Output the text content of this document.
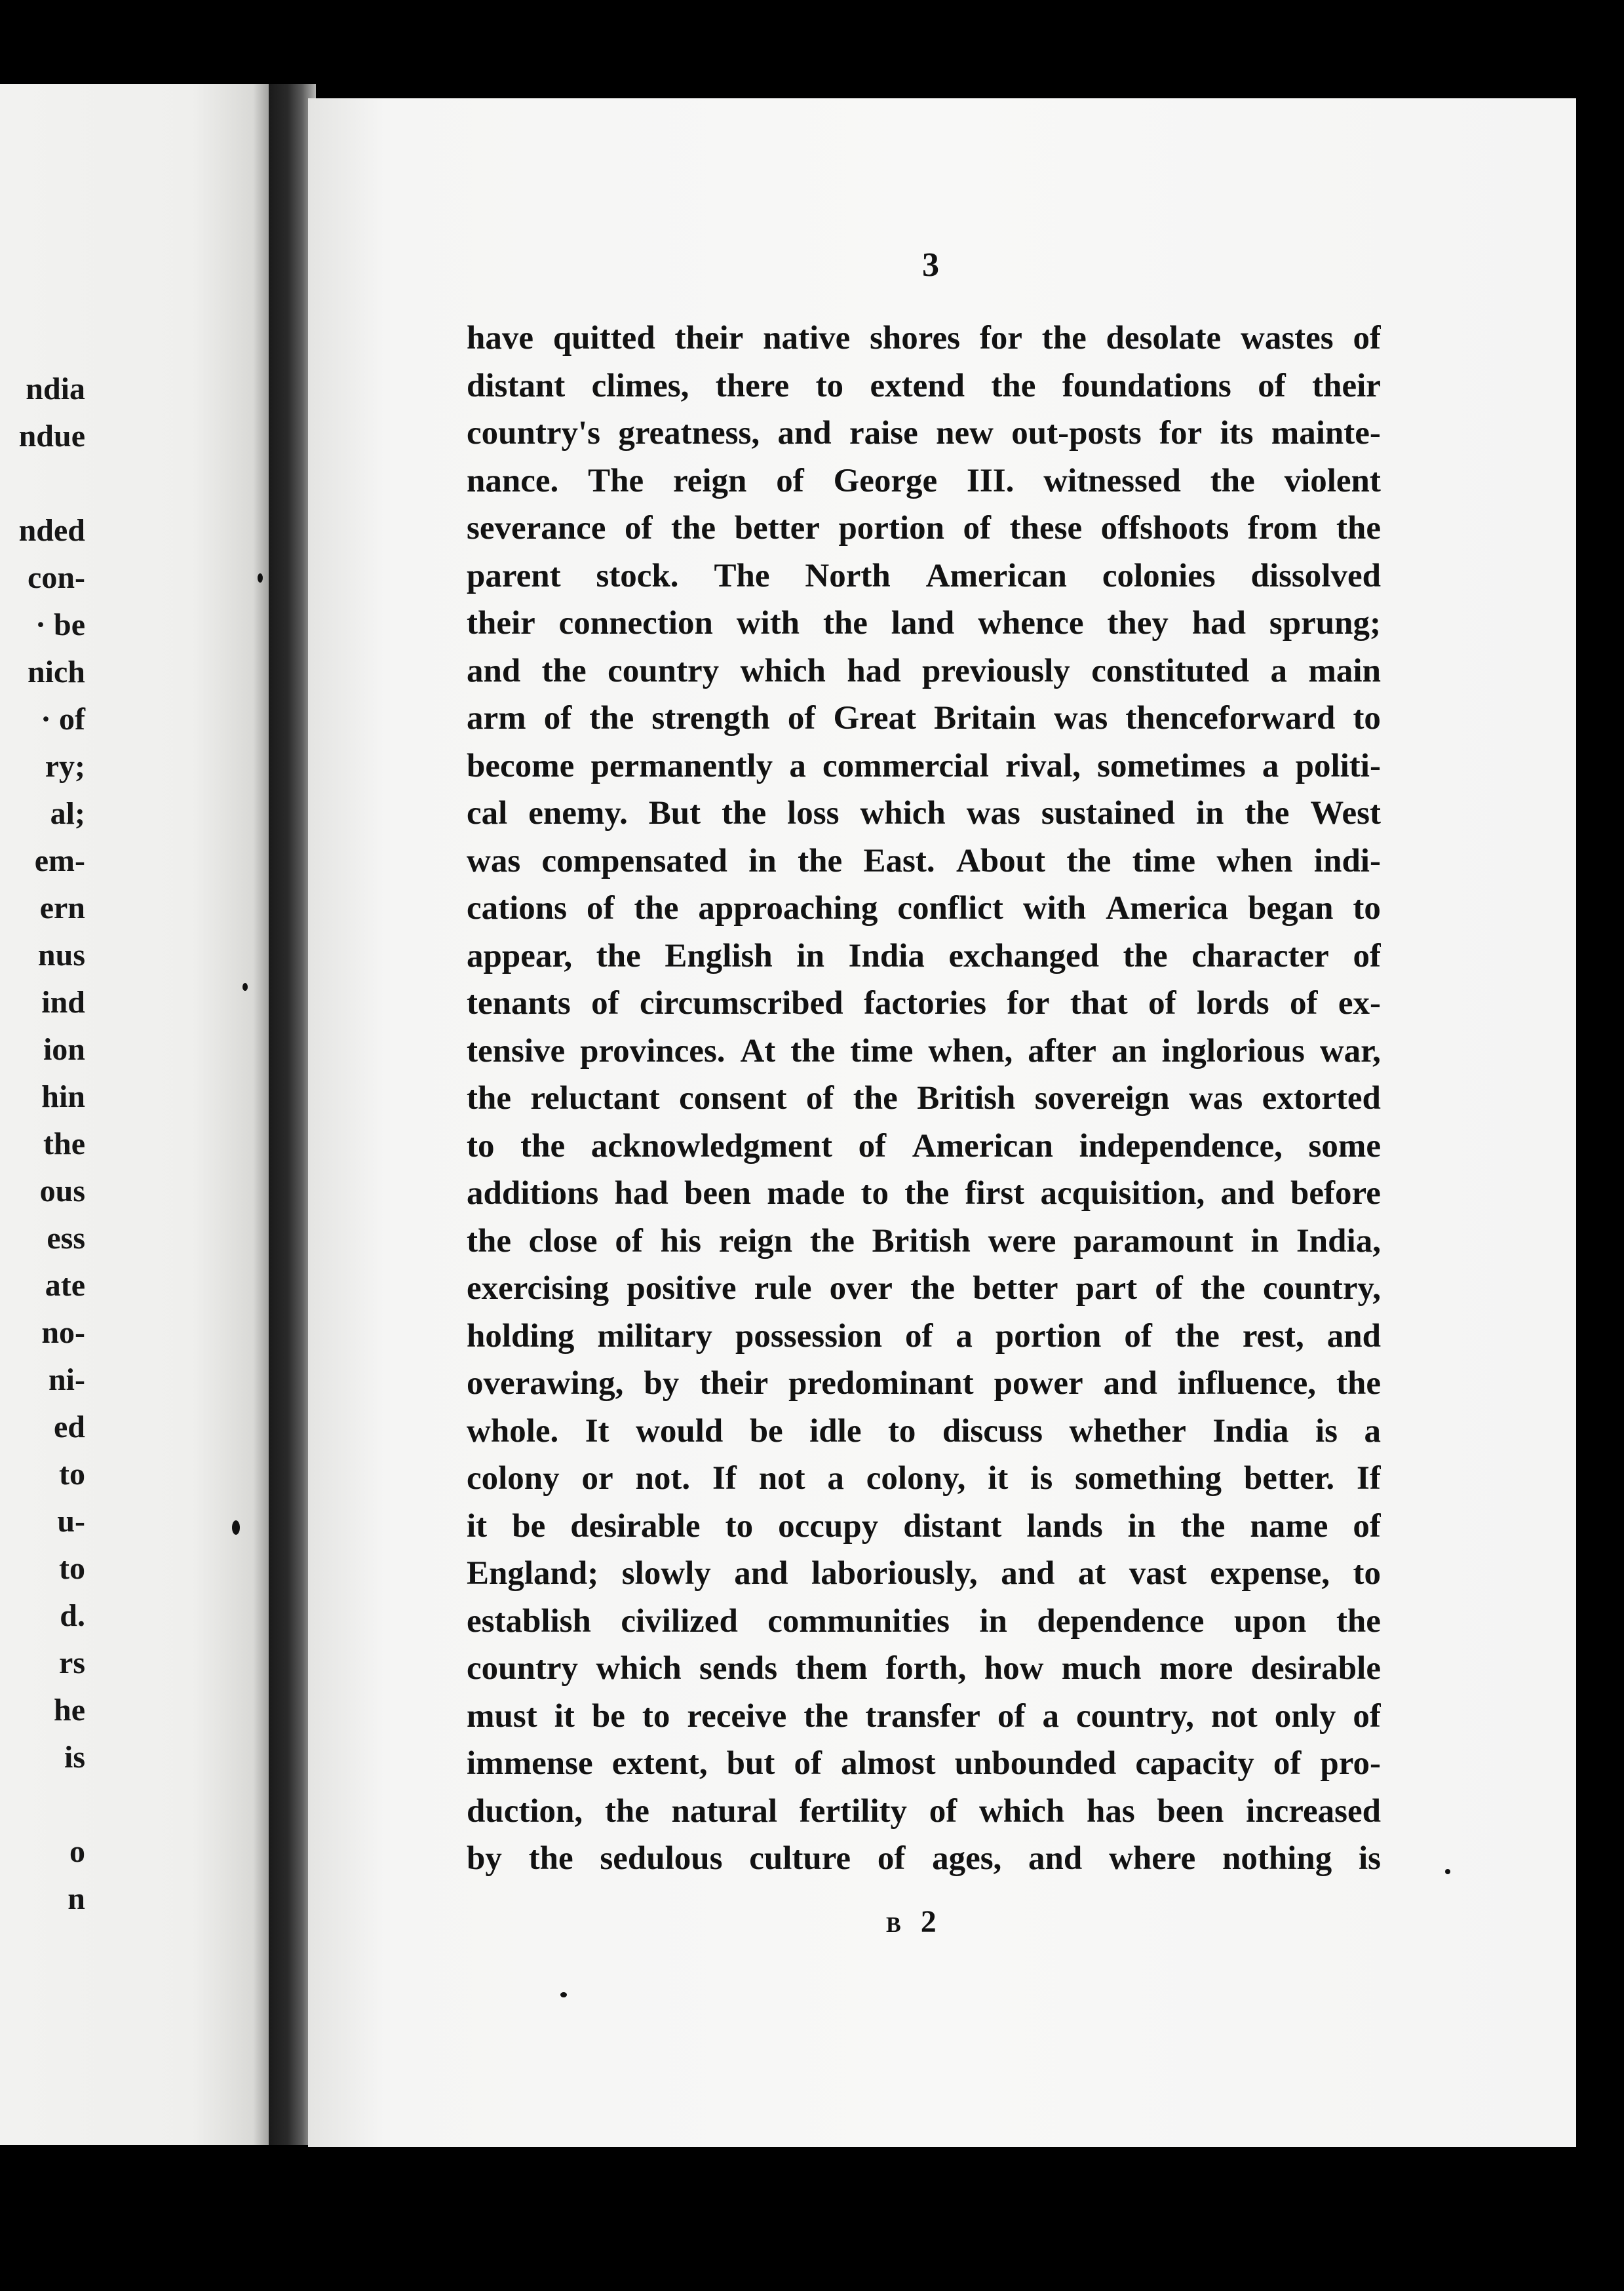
ndia
ndue
nded
con-
· be
nich
· of
ry;
al;
em-
ern
nus
ind
ion
hin
the
ous
ess
ate
no-
ni-
ed
to
u-
to
d.
rs
he
is
o
n
3
have quitted their native shores for the desolate wastes of
distant climes, there to extend the foundations of their
country's greatness, and raise new out-posts for its mainte-
nance. The reign of George III. witnessed the violent
severance of the better portion of these offshoots from the
parent stock. The North American colonies dissolved
their connection with the land whence they had sprung;
and the country which had previously constituted a main
arm of the strength of Great Britain was thenceforward to
become permanently a commercial rival, sometimes a politi-
cal enemy. But the loss which was sustained in the West
was compensated in the East. About the time when indi-
cations of the approaching conflict with America began to
appear, the English in India exchanged the character of
tenants of circumscribed factories for that of lords of ex-
tensive provinces. At the time when, after an inglorious war,
the reluctant consent of the British sovereign was extorted
to the acknowledgment of American independence, some
additions had been made to the first acquisition, and before
the close of his reign the British were paramount in India,
exercising positive rule over the better part of the country,
holding military possession of a portion of the rest, and
overawing, by their predominant power and influence, the
whole. It would be idle to discuss whether India is a
colony or not. If not a colony, it is something better. If
it be desirable to occupy distant lands in the name of
England; slowly and laboriously, and at vast expense, to
establish civilized communities in dependence upon the
country which sends them forth, how much more desirable
must it be to receive the transfer of a country, not only of
immense extent, but of almost unbounded capacity of pro-
duction, the natural fertility of which has been increased
by the sedulous culture of ages, and where nothing is
B 2
